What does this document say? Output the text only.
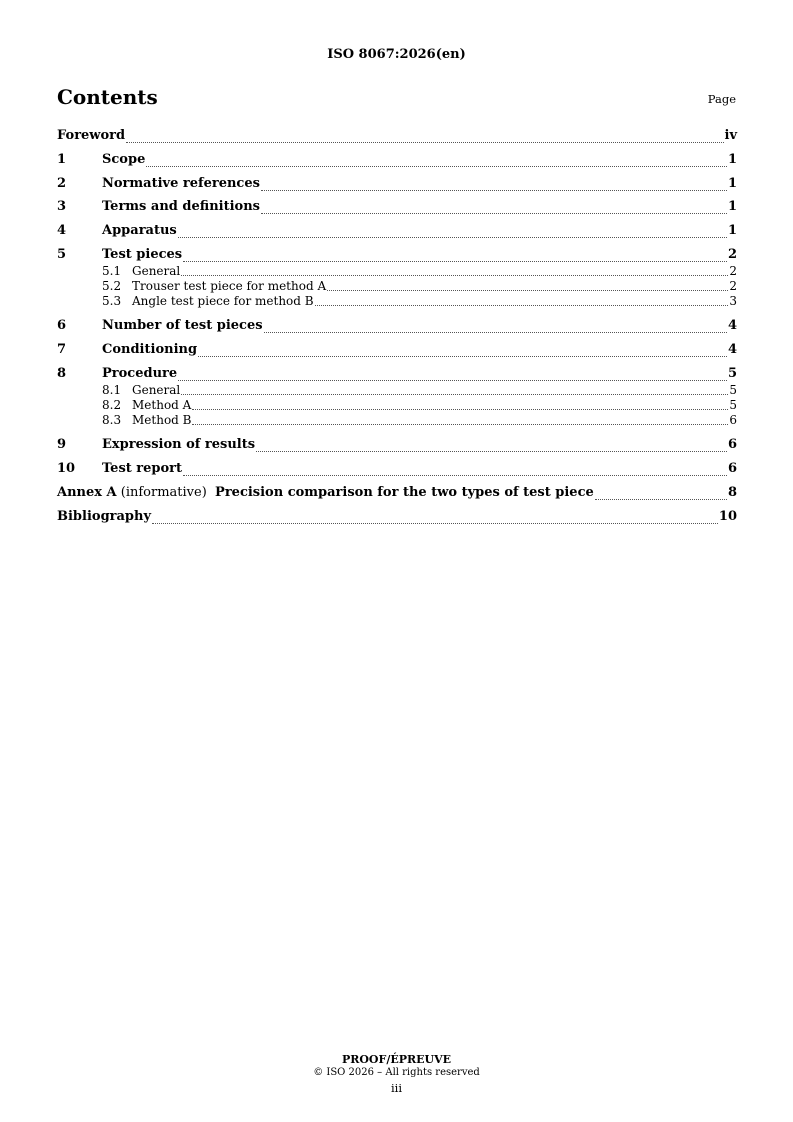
ISO 8067:2026(en)
Contents	Page
Foreword	iv
1	Scope	1
2	Normative references	1
3	Terms and definitions	1
4	Apparatus	1
5	Test pieces	2
5.1 General	2
5.2 Trouser test piece for method A	2
5.3 Angle test piece for method B	3
6	Number of test pieces	4
7	Conditioning	4
8	Procedure	5
8.1 General	5
8.2 Method A	5
8.3 Method B	6
9	Expression of results	6
10	Test report	6
Annex A (informative) Precision comparison for the two types of test piece	8
Bibliography	10
PROOF/ÉPREUVE
© ISO 2026 – All rights reserved
iii
